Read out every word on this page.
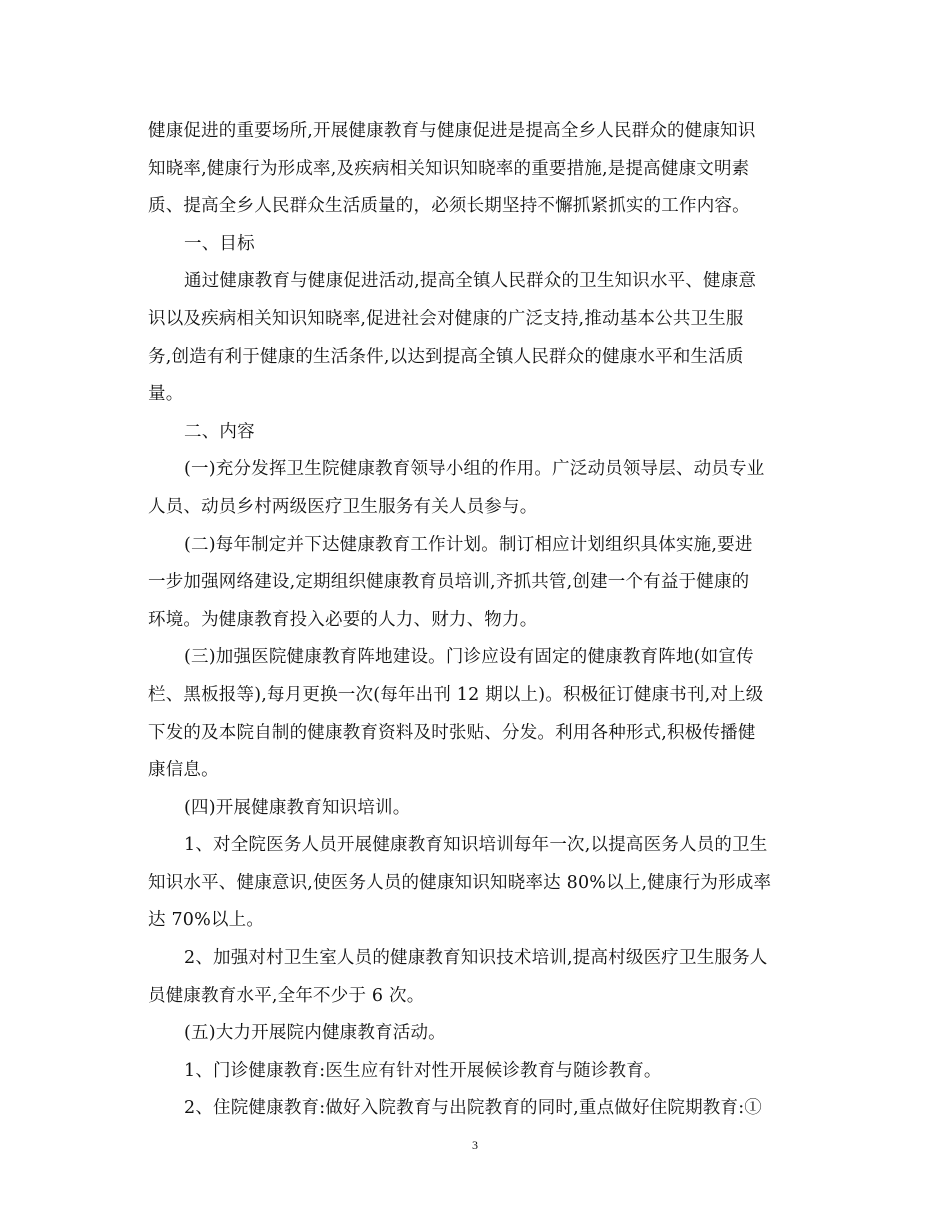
健康促进的重要场所,开展健康教育与健康促进是提高全乡人民群众的健康知识
知晓率,健康行为形成率,及疾病相关知识知晓率的重要措施,是提高健康文明素
质、提高全乡人民群众生活质量的，必须长期坚持不懈抓紧抓实的工作内容。
一、目标
通过健康教育与健康促进活动,提高全镇人民群众的卫生知识水平、健康意
识以及疾病相关知识知晓率,促进社会对健康的广泛支持,推动基本公共卫生服
务,创造有利于健康的生活条件,以达到提高全镇人民群众的健康水平和生活质
量。
二、内容
(一)充分发挥卫生院健康教育领导小组的作用。广泛动员领导层、动员专业
人员、动员乡村两级医疗卫生服务有关人员参与。
(二)每年制定并下达健康教育工作计划。制订相应计划组织具体实施,要进
一步加强网络建设,定期组织健康教育员培训,齐抓共管,创建一个有益于健康的
环境。为健康教育投入必要的人力、财力、物力。
(三)加强医院健康教育阵地建设。门诊应设有固定的健康教育阵地(如宣传
栏、黑板报等),每月更换一次(每年出刊 12 期以上)。积极征订健康书刊,对上级
下发的及本院自制的健康教育资料及时张贴、分发。利用各种形式,积极传播健
康信息。
(四)开展健康教育知识培训。
1、对全院医务人员开展健康教育知识培训每年一次,以提高医务人员的卫生
知识水平、健康意识,使医务人员的健康知识知晓率达 80%以上,健康行为形成率
达 70%以上。
2、加强对村卫生室人员的健康教育知识技术培训,提高村级医疗卫生服务人
员健康教育水平,全年不少于 6 次。
(五)大力开展院内健康教育活动。
1、门诊健康教育:医生应有针对性开展候诊教育与随诊教育。
2、住院健康教育:做好入院教育与出院教育的同时,重点做好住院期教育:①
3
